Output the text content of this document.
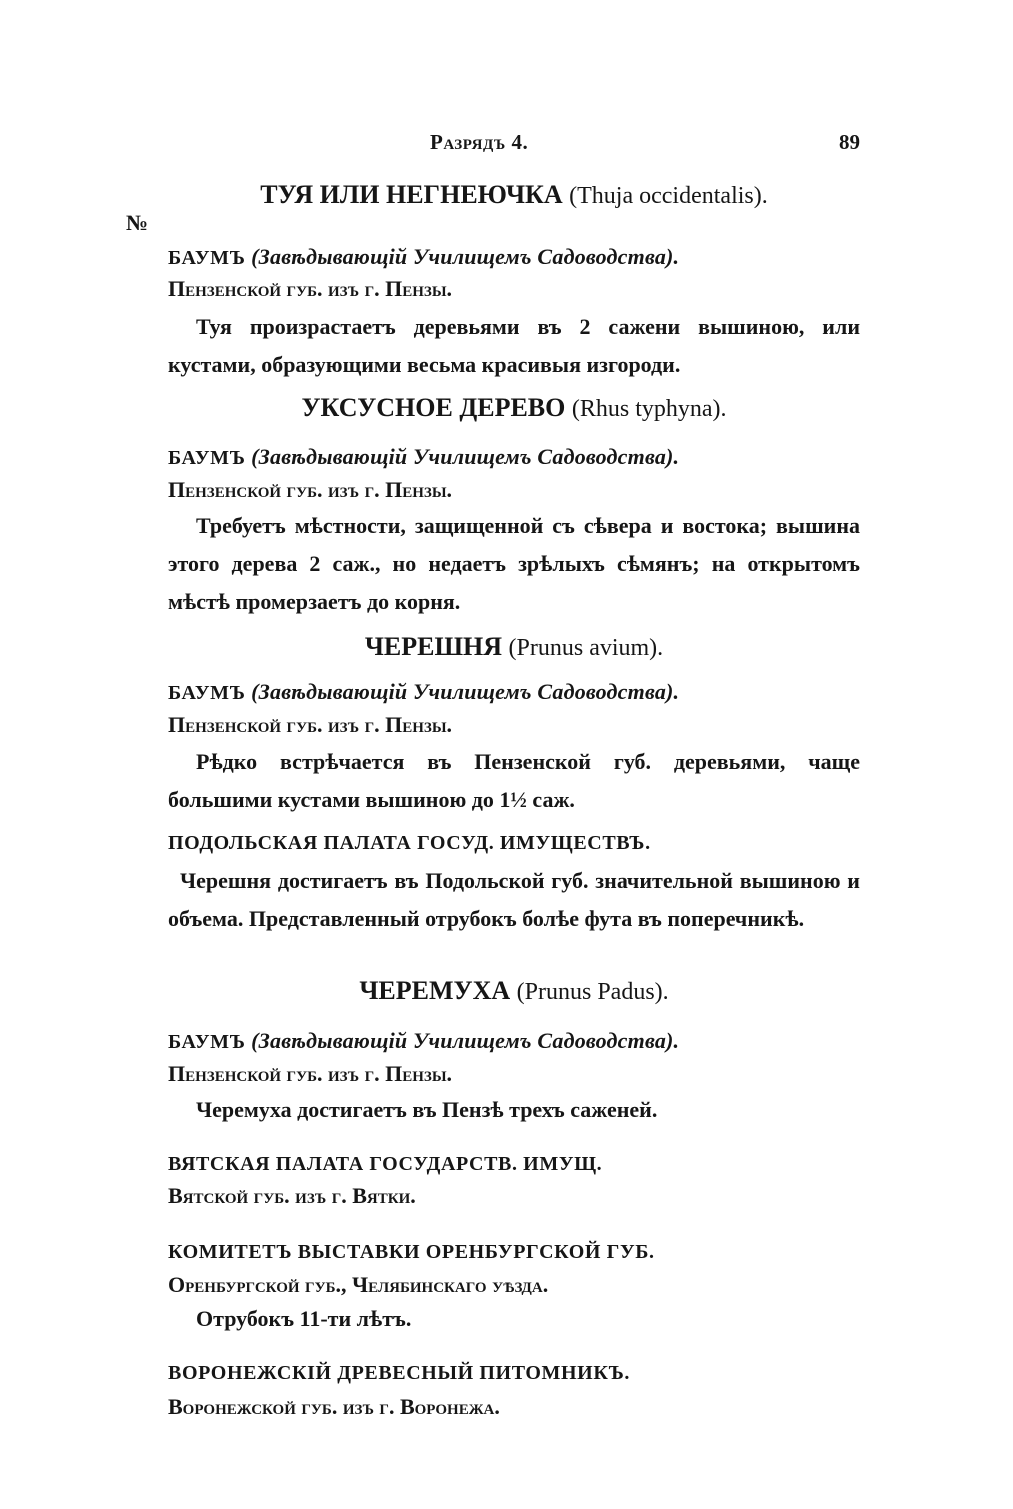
Разрядъ 4.	89
№
ТУЯ ИЛИ НЕГНЕЮЧКА (Thuja occidentalis).
БАУМЪ (Завѣдывающій Училищемъ Садоводства).
Пензенской губ. изъ г. Пензы.
Туя произрастаетъ деревьями въ 2 сажени вышиною, или кустами, образующими весьма красивыя изгороди.
УКСУСНОЕ ДЕРЕВО (Rhus typhyna).
БАУМЪ (Завѣдывающій Училищемъ Садоводства).
Пензенской губ. изъ г. Пензы.
Требуетъ мѣстности, защищенной съ сѣвера и востока; вышина этого дерева 2 саж., но недаетъ зрѣлыхъ сѣмянъ; на открытомъ мѣстѣ промерзаетъ до корня.
ЧЕРЕШНЯ (Prunus avium).
БАУМЪ (Завѣдывающій Училищемъ Садоводства).
Пензенской губ. изъ г. Пензы.
Рѣдко встрѣчается въ Пензенской губ. деревьями, чаще большими кустами вышиною до 1½ саж.
ПОДОЛЬСКАЯ ПАЛАТА ГОСУД. ИМУЩЕСТВЪ.
Черешня достигаетъ въ Подольской губ. значительной вышиною и объема. Представленный отрубокъ болѣе фута въ поперечникѣ.
ЧЕРЕМУХА (Prunus Padus).
БАУМЪ (Завѣдывающій Училищемъ Садоводства).
Пензенской губ. изъ г. Пензы.
Черемуха достигаетъ въ Пензѣ трехъ саженей.
ВЯТСКАЯ ПАЛАТА ГОСУДАРСТВ. ИМУЩ.
Вятской губ. изъ г. Вятки.
КОМИТЕТЪ ВЫСТАВКИ ОРЕНБУРГСКОЙ ГУБ.
Оренбургской губ., Челябинскаго уѣзда.
Отрубокъ 11-ти лѣтъ.
ВОРОНЕЖСКІЙ ДРЕВЕСНЫЙ ПИТОМНИКЪ.
Воронежской губ. изъ г. Воронежа.
